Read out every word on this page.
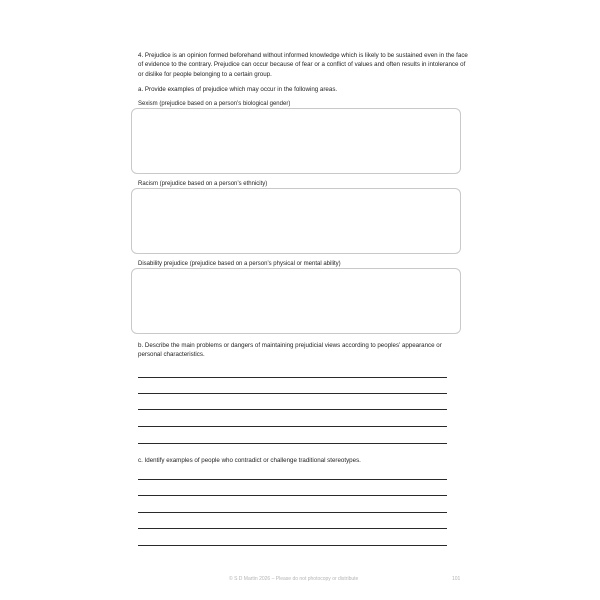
4. Prejudice is an opinion formed beforehand without informed knowledge which is likely to be sustained even in the face of evidence to the contrary. Prejudice can occur because of fear or a conflict of values and often results in intolerance of or dislike for people belonging to a certain group.
a. Provide examples of prejudice which may occur in the following areas.
Sexism (prejudice based on a person’s biological gender)
Racism (prejudice based on a person’s ethnicity)
Disability prejudice (prejudice based on a person’s physical or mental ability)
b. Describe the main problems or dangers of maintaining prejudicial views according to peoples’ appearance or personal characteristics.
c. Identify examples of people who contradict or challenge traditional stereotypes.
© S D Martin 2026 – Please do not photocopy or distribute	101
